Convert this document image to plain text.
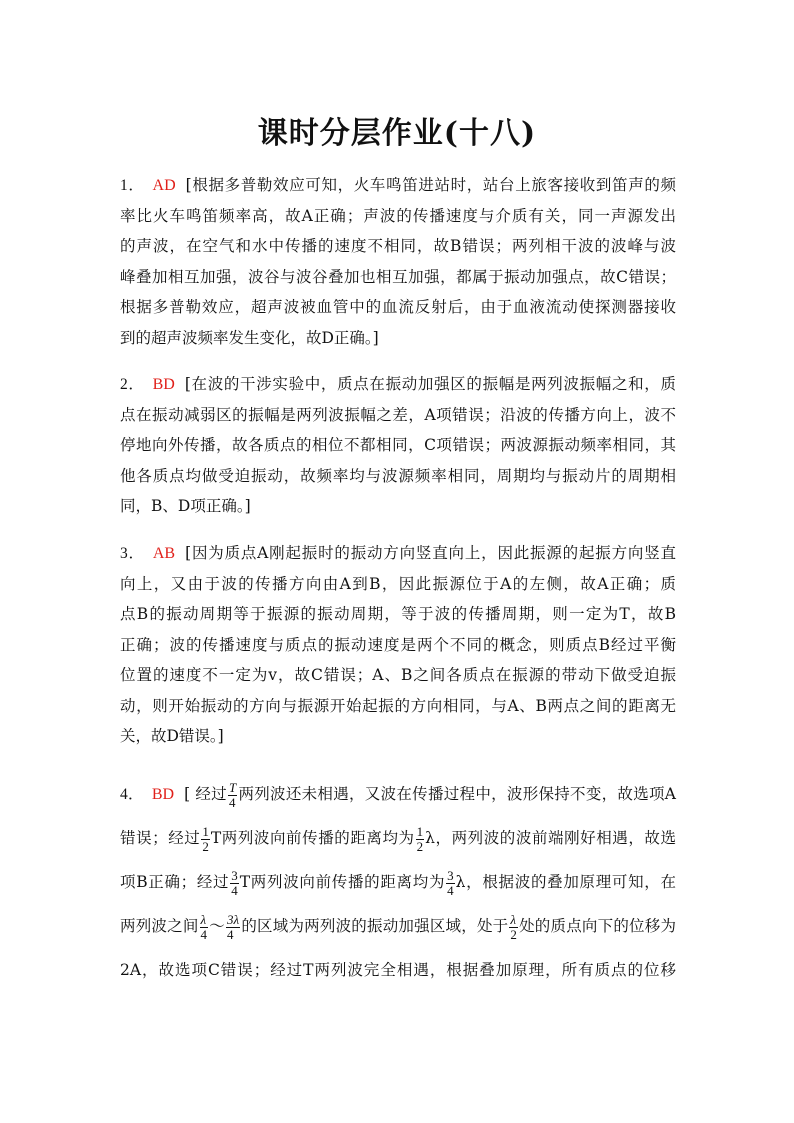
课时分层作业(十八)
1． AD [根据多普勒效应可知，火车鸣笛进站时，站台上旅客接收到笛声的频
率比火车鸣笛频率高，故A正确；声波的传播速度与介质有关，同一声源发出
的声波，在空气和水中传播的速度不相同，故B错误；两列相干波的波峰与波
峰叠加相互加强，波谷与波谷叠加也相互加强，都属于振动加强点，故C错误；
根据多普勒效应，超声波被血管中的血流反射后，由于血液流动使探测器接收
到的超声波频率发生变化，故D正确。]
2． BD [在波的干涉实验中，质点在振动加强区的振幅是两列波振幅之和，质
点在振动减弱区的振幅是两列波振幅之差，A项错误；沿波的传播方向上，波不
停地向外传播，故各质点的相位不都相同，C项错误；两波源振动频率相同，其
他各质点均做受迫振动，故频率均与波源频率相同，周期均与振动片的周期相
同，B、D项正确。]
3． AB [因为质点A刚起振时的振动方向竖直向上，因此振源的起振方向竖直
向上，又由于波的传播方向由A到B，因此振源位于A的左侧，故A正确；质
点B的振动周期等于振源的振动周期，等于波的传播周期，则一定为T，故B
正确；波的传播速度与质点的振动速度是两个不同的概念，则质点B经过平衡
位置的速度不一定为v，故C错误；A、B之间各质点在振源的带动下做受迫振
动，则开始振动的方向与振源开始起振的方向相同，与A、B两点之间的距离无
关，故D错误。]
4． BD [ 经过 $\frac{T}{4}$ 两列波还未相遇，又波在传播过程中，波形保持不变，故选项A
错误；经过 $\frac{1}{2}$ T两列波向前传播的距离均为 $\frac{1}{2}$ λ，两列波的波前端刚好相遇，故选
项B正确；经过 $\frac{3}{4}$ T两列波向前传播的距离均为 $\frac{3}{4}$ λ，根据波的叠加原理可知，在
两列波之间 $\frac{\lambda}{4}$ ～ $\frac{3\lambda}{4}$ 的区域为两列波的振动加强区域，处于 $\frac{\lambda}{2}$ 处的质点向下的位移为
2A，故选项C错误；经过T两列波完全相遇，根据叠加原理，所有质点的位移
